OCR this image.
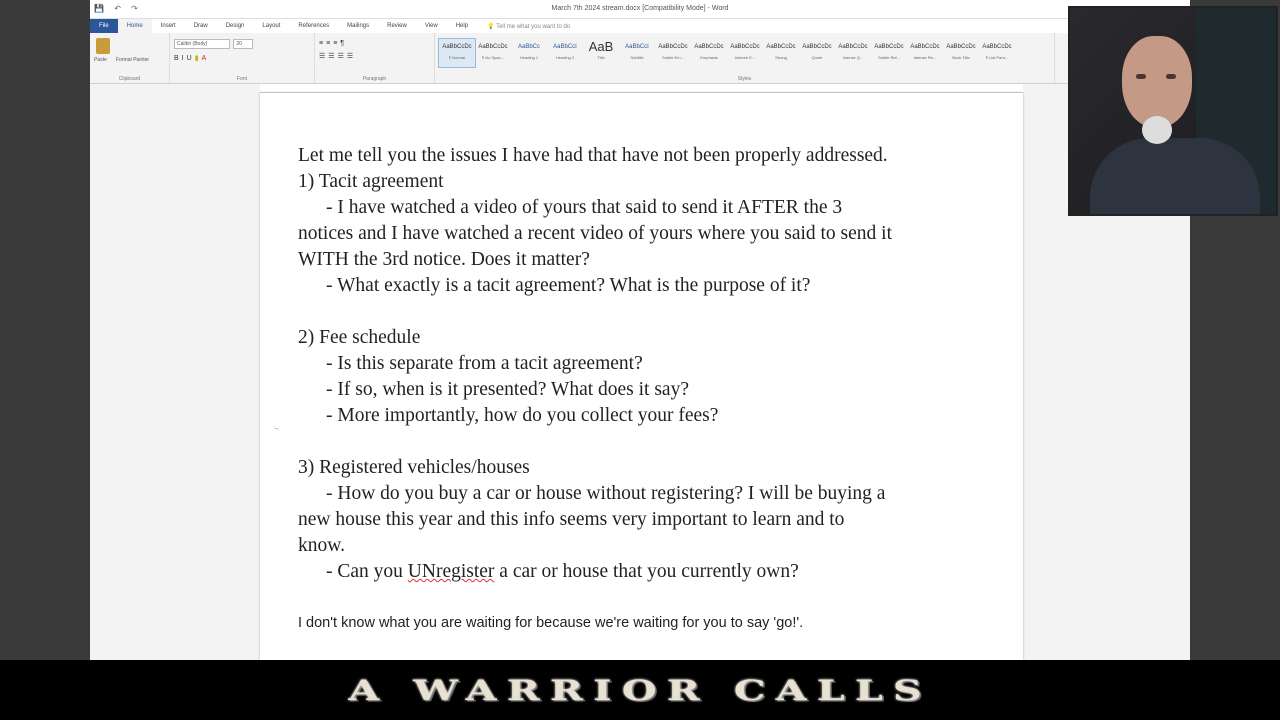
💾 ↶ ↷	March 7th 2024 stream.docx [Compatibility Mode] - Word
File	Home	Insert	Draw	Design	Layout	References	Mailings	Review	View	Help	💡 Tell me what you want to do
Paste	Format Painter
Clipboard
Calibri (Body)	20
BIU▮A
Font
≡≡≡¶
☰☰☰☰
Paragraph
AaBbCcDc
¶ Normal
AaBbCcDc
¶ No Spac...
AaBbCc
Heading 1
AaBbCcI
Heading 2
AaB
Title
AaBbCcI
Subtitle
AaBbCcDc
Subtle Em...
AaBbCcDc
Emphasis
AaBbCcDc
Intense E...
AaBbCcDc
Strong
AaBbCcDc
Quote
AaBbCcDc
Intense Q...
AaBbCcDc
Subtle Ref...
AaBbCcDc
Intense Re...
AaBbCcDc
Book Title
AaBbCcDc
¶ List Para...
Styles
⨫

Let me tell you the issues I have had that have not been properly addressed.

1) Tacit agreement

- I have watched a video of yours that said to send it AFTER the 3

notices and I have watched a recent video of yours where you said to send it

WITH the 3rd notice. Does it matter?

- What exactly is a tacit agreement? What is the purpose of it?

2) Fee schedule

- Is this separate from a tacit agreement?

- If so, when is it presented? What does it say?

- More importantly, how do you collect your fees?

3) Registered vehicles/houses

- How do you buy a car or house without registering? I will be buying a

new house this year and this info seems very important to learn and to

know.

- Can you UNregister a car or house that you currently own?

I don't know what you are waiting for because we're waiting for you to say 'go!'.
A WARRIOR CALLS
